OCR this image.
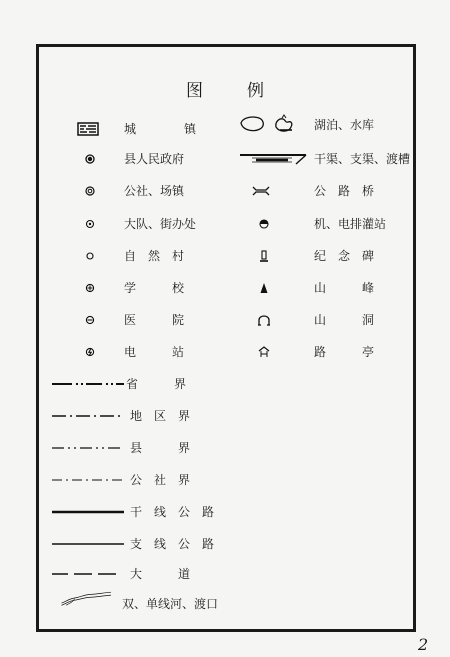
图	例
城　　　　镇
县人民政府
公社、场镇
大队、街办处
自　然　村
学　　　校
医　　　院
电　　　站
湖泊、水库
干渠、支渠、渡槽
公　路　桥
机、电排灌站
纪　念　碑
山　　　峰
山　　　洞
路　　　亭
省　　　界
地　区　界
县　　　界
公　社　界
干　线　公　路
支　线　公　路
大　　　道
双、单线河、渡口
2
